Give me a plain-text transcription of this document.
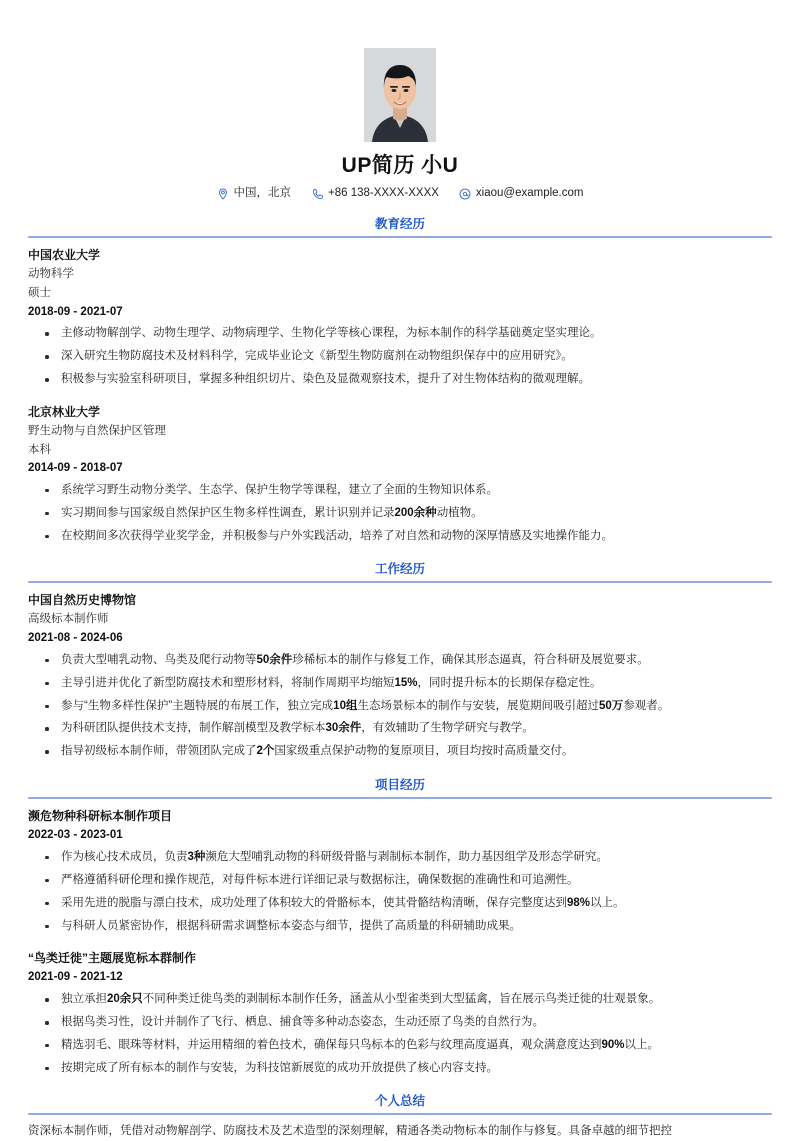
UP简历 小U
中国，北京	+86 138-XXXX-XXXX	xiaou@example.com
教育经历
中国农业大学
动物科学
硕士
2018-09 - 2021-07
主修动物解剖学、动物生理学、动物病理学、生物化学等核心课程，为标本制作的科学基础奠定坚实理论。
深入研究生物防腐技术及材料科学，完成毕业论文《新型生物防腐剂在动物组织保存中的应用研究》。
积极参与实验室科研项目，掌握多种组织切片、染色及显微观察技术，提升了对生物体结构的微观理解。
北京林业大学
野生动物与自然保护区管理
本科
2014-09 - 2018-07
系统学习野生动物分类学、生态学、保护生物学等课程，建立了全面的生物知识体系。
实习期间参与国家级自然保护区生物多样性调查，累计识别并记录200余种动植物。
在校期间多次获得学业奖学金，并积极参与户外实践活动，培养了对自然和动物的深厚情感及实地操作能力。
工作经历
中国自然历史博物馆
高级标本制作师
2021-08 - 2024-06
负责大型哺乳动物、鸟类及爬行动物等50余件珍稀标本的制作与修复工作，确保其形态逼真，符合科研及展览要求。
主导引进并优化了新型防腐技术和塑形材料，将制作周期平均缩短15%，同时提升标本的长期保存稳定性。
参与“生物多样性保护”主题特展的布展工作，独立完成10组生态场景标本的制作与安装，展览期间吸引超过50万参观者。
为科研团队提供技术支持，制作解剖模型及教学标本30余件，有效辅助了生物学研究与教学。
指导初级标本制作师，带领团队完成了2个国家级重点保护动物的复原项目，项目均按时高质量交付。
项目经历
濒危物种科研标本制作项目
2022-03 - 2023-01
作为核心技术成员，负责3种濒危大型哺乳动物的科研级骨骼与剥制标本制作，助力基因组学及形态学研究。
严格遵循科研伦理和操作规范，对每件标本进行详细记录与数据标注，确保数据的准确性和可追溯性。
采用先进的脱脂与漂白技术，成功处理了体积较大的骨骼标本，使其骨骼结构清晰，保存完整度达到98%以上。
与科研人员紧密协作，根据科研需求调整标本姿态与细节，提供了高质量的科研辅助成果。
“鸟类迁徙”主题展览标本群制作
2021-09 - 2021-12
独立承担20余只不同种类迁徙鸟类的剥制标本制作任务，涵盖从小型雀类到大型猛禽，旨在展示鸟类迁徙的壮观景象。
根据鸟类习性，设计并制作了飞行、栖息、捕食等多种动态姿态，生动还原了鸟类的自然行为。
精选羽毛、眼珠等材料，并运用精细的着色技术，确保每只鸟标本的色彩与纹理高度逼真，观众满意度达到90%以上。
按期完成了所有标本的制作与安装，为科技馆新展览的成功开放提供了核心内容支持。
个人总结
资深标本制作师，凭借对动物解剖学、防腐技术及艺术造型的深刻理解，精通各类动物标本的制作与修复。具备卓越的细节把控
